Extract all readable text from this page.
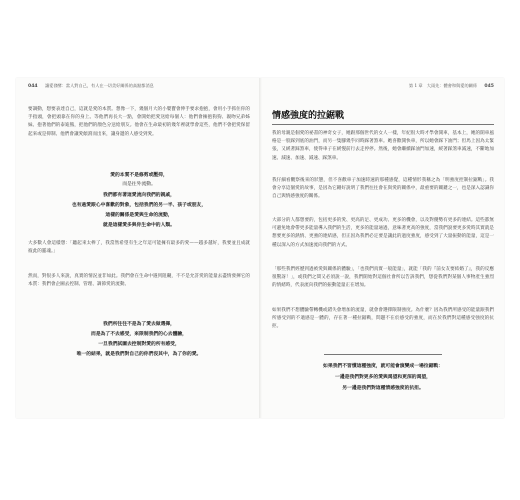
044 讓愛發酵：當人對自己，有人在一切美好關係的高點都消息
要調動，想要表達自己，這就是愛的本質。想像一下，幾個月大的小嬰寶會伸手要求抱抱，會用小手抓住你的手指頭，會把頭靠在你的身上。等他們再長大一點，會開始把愛送給每個人：他們會擁抱狗狗、親吻兄弟姊妹、抱著他們的泰迪熊，把他們的顏色分送給朋友。他會在生命最初的幾年裡就學會這些，他們不會把愛保留起來或是抑制、他們會讓愛傾瀉而出來，讓身邊的人感受到愛。
愛的本質不是修剪或壓抑，
而是往外流動。
我們都有著這愛流向我們的親戚，
也有過愛跟心中喜歡的對象，包括我們的另一半、孩子或朋友，
這樣的關係是愛與生命的流動，
就是這樣愛多與你生命中的人類。
大多數人會這樣想：「聽起來太棒了，我當然希望有生之年這可能擁有最多的愛——越多越好，我要並且成就彼此的靈魂。」
然而，對很多人來說，真實的情況並非如此。我們會在生命中遇到阻礙，不不是允許愛的能量去盡情發揮它的本質：我們會企圖去控制、管理、調節愛的流動。
我們所往往不是為了愛去做選擇，
而是為了不去感受，來限制我們的心去體驗，
一旦我們試圖去控制對愛的所有感受，
唯一的結果，就是我們對自己的你們沒其中，為了你的愛。
第 1 章　大雨先：體會和與愛的關係 045
情感強度的拉鋸戰
我的母親是個愛的祕書的神奇女子，她跟那個世代的女人一樣，年紀很大時才學會開車，基本上，她的開車風格是一股踩到底的油門，而另一隻腳幾乎同時踩著煞車。她喜歡開快車，所以她會踩下油門；但馬上因為太緊張，又緩著踩煞車，使得車子在緩慢前行去走停停。然後，她會繼續踩油門加速，緩著踩煞車減速，不斷地加速、減速、加速、減速、踩煞車。
我仔細看觀察後來的狀態，但不喜歡車子加速時速的那種感覺，這種情形我稱之為「明強度控制拉鋸戰」。我會分享這個愛的故事，是因為它剛好說明了我們往往會在與愛的關係中，最重要的關鍵之一，也是深入認識你自己與情感強度的關係。
大部分的人都想要的，包括更多的愛、更高的足、更成功、更多的機會，以及對優勢有更多的連結。這些都無可避免地會帶更多能量導入我們的生活，更多的能量通過，意味著更高的強度，當我們說要更多愛時其實就是想要更多的熱情、更強的連結感，但正因為我們必定要是讓此的過度強度，感受到了大量振動的能量，這是一種以深入的方式加速流向我們的方式。
「那些我們經歷到過被愛與關係的體驗」，「也我們真實一般能量」，就能「我的『前女友要結婚了』，我的反應很驚訝！」，或我們之間又必須說一說，我們開始對這個社會所以告訴我們，想從我們對某個人事物產生強烈的情緒時，代表流向我們的振動能量正在增加。
如果我們不想體驗帶轉機或錯失會增加的流量，就會會選擇限制強度。為什麼？因為我們所感受的能量跟我們所感受到的不適感是一體的，存在著一種拉鋸戰，問題不在於感受的強度，而在於我們對這種感受強度的抗拒。
如果我們不習慣這種強度，就可能會演變成一場拉鋸戰：
一邊是我們對更多的愛與渴望和更深的渴望，
另一邊是我們對這種情感強度的抗拒。
